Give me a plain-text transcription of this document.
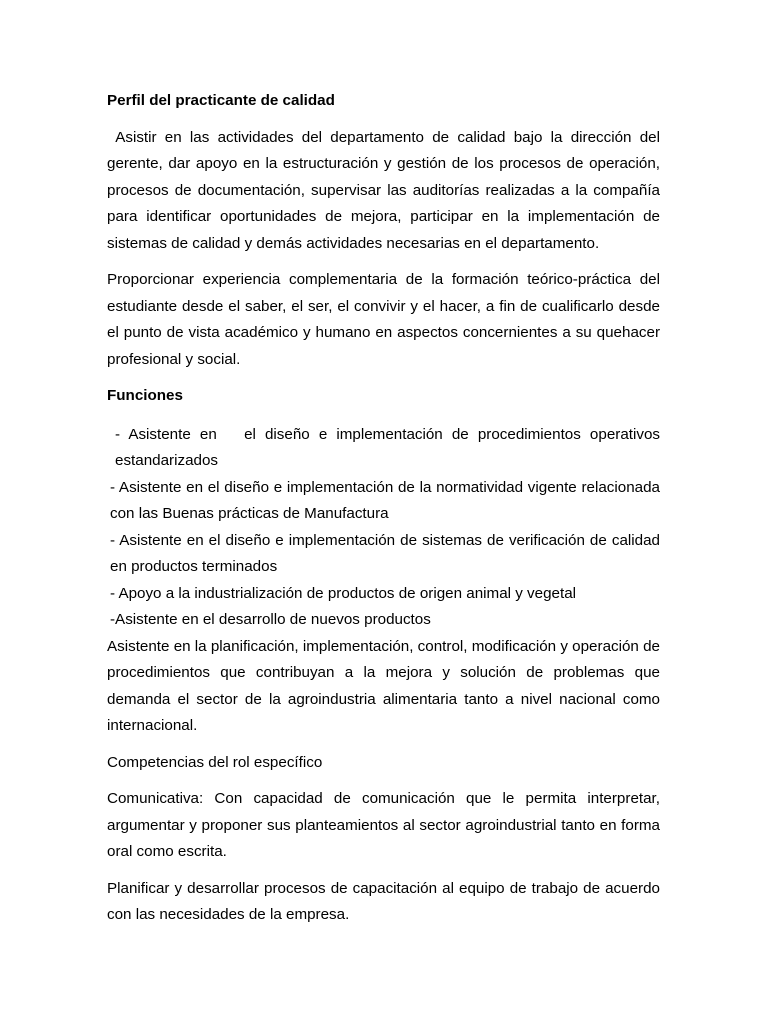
Perfil del practicante de calidad

Asistir en las actividades del departamento de calidad bajo la dirección del gerente, dar apoyo en la estructuración y gestión de los procesos de operación, procesos de documentación, supervisar las auditorías realizadas a la compañía para identificar oportunidades de mejora, participar en la implementación de sistemas de calidad y demás actividades necesarias en el departamento.

Proporcionar experiencia complementaria de la formación teórico-práctica del estudiante desde el saber, el ser, el convivir y el hacer, a fin de cualificarlo desde el punto de vista académico y humano en aspectos concernientes a su quehacer profesional y social.

Funciones

- Asistente en   el diseño e implementación de procedimientos operativos estandarizados
- Asistente en el diseño e implementación de la normatividad vigente relacionada con las Buenas prácticas de Manufactura
- Asistente en el diseño e implementación de sistemas de verificación de calidad en productos terminados
- Apoyo a la industrialización de productos de origen animal y vegetal
-Asistente en el desarrollo de nuevos productos

Asistente en la planificación, implementación, control, modificación y operación de procedimientos que contribuyan a la mejora y solución de problemas que demanda el sector de la agroindustria alimentaria tanto a nivel nacional como internacional.

Competencias del rol específico

Comunicativa: Con capacidad de comunicación que le permita interpretar, argumentar y proponer sus planteamientos al sector agroindustrial tanto en forma oral como escrita.

Planificar y desarrollar procesos de capacitación al equipo de trabajo de acuerdo con las necesidades de la empresa.
